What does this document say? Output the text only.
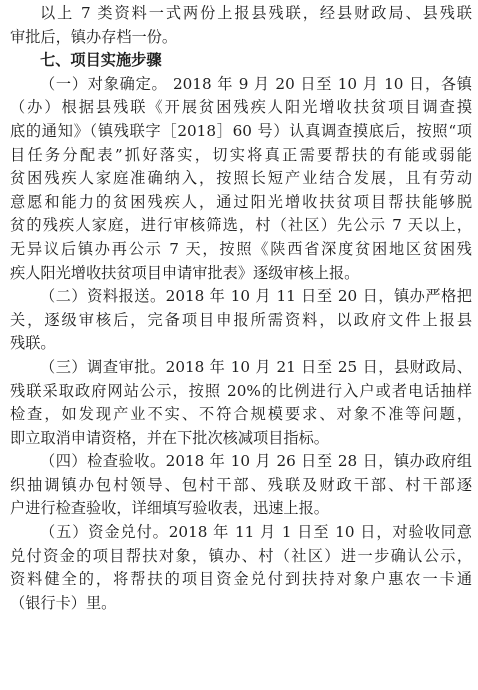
以上 7 类资料一式两份上报县残联，经县财政局、县残联
审批后，镇办存档一份。
七、项目实施步骤
（一）对象确定。 2018 年 9 月 20 日至 10 月 10 日，各镇
（办）根据县残联《开展贫困残疾人阳光增收扶贫项目调查摸
底的通知》（镇残联字［2018］60 号）认真调查摸底后，按照“项
目任务分配表”抓好落实，切实将真正需要帮扶的有能或弱能
贫困残疾人家庭准确纳入，按照长短产业结合发展，且有劳动
意愿和能力的贫困残疾人，通过阳光增收扶贫项目帮扶能够脱
贫的残疾人家庭，进行审核筛选，村（社区）先公示 7 天以上，
无异议后镇办再公示 7 天，按照《陕西省深度贫困地区贫困残
疾人阳光增收扶贫项目申请审批表》逐级审核上报。
（二）资料报送。2018 年 10 月 11 日至 20 日，镇办严格把
关，逐级审核后，完备项目申报所需资料，以政府文件上报县
残联。
（三）调查审批。2018 年 10 月 21 日至 25 日，县财政局、
残联采取政府网站公示，按照 20%的比例进行入户或者电话抽样
检查，如发现产业不实、不符合规模要求、对象不准等问题，
即立取消申请资格，并在下批次核减项目指标。
（四）检查验收。2018 年 10 月 26 日至 28 日，镇办政府组
织抽调镇办包村领导、包村干部、残联及财政干部、村干部逐
户进行检查验收，详细填写验收表，迅速上报。
（五）资金兑付。2018 年 11 月 1 日至 10 日，对验收同意
兑付资金的项目帮扶对象，镇办、村（社区）进一步确认公示，
资料健全的，将帮扶的项目资金兑付到扶持对象户惠农一卡通
（银行卡）里。
